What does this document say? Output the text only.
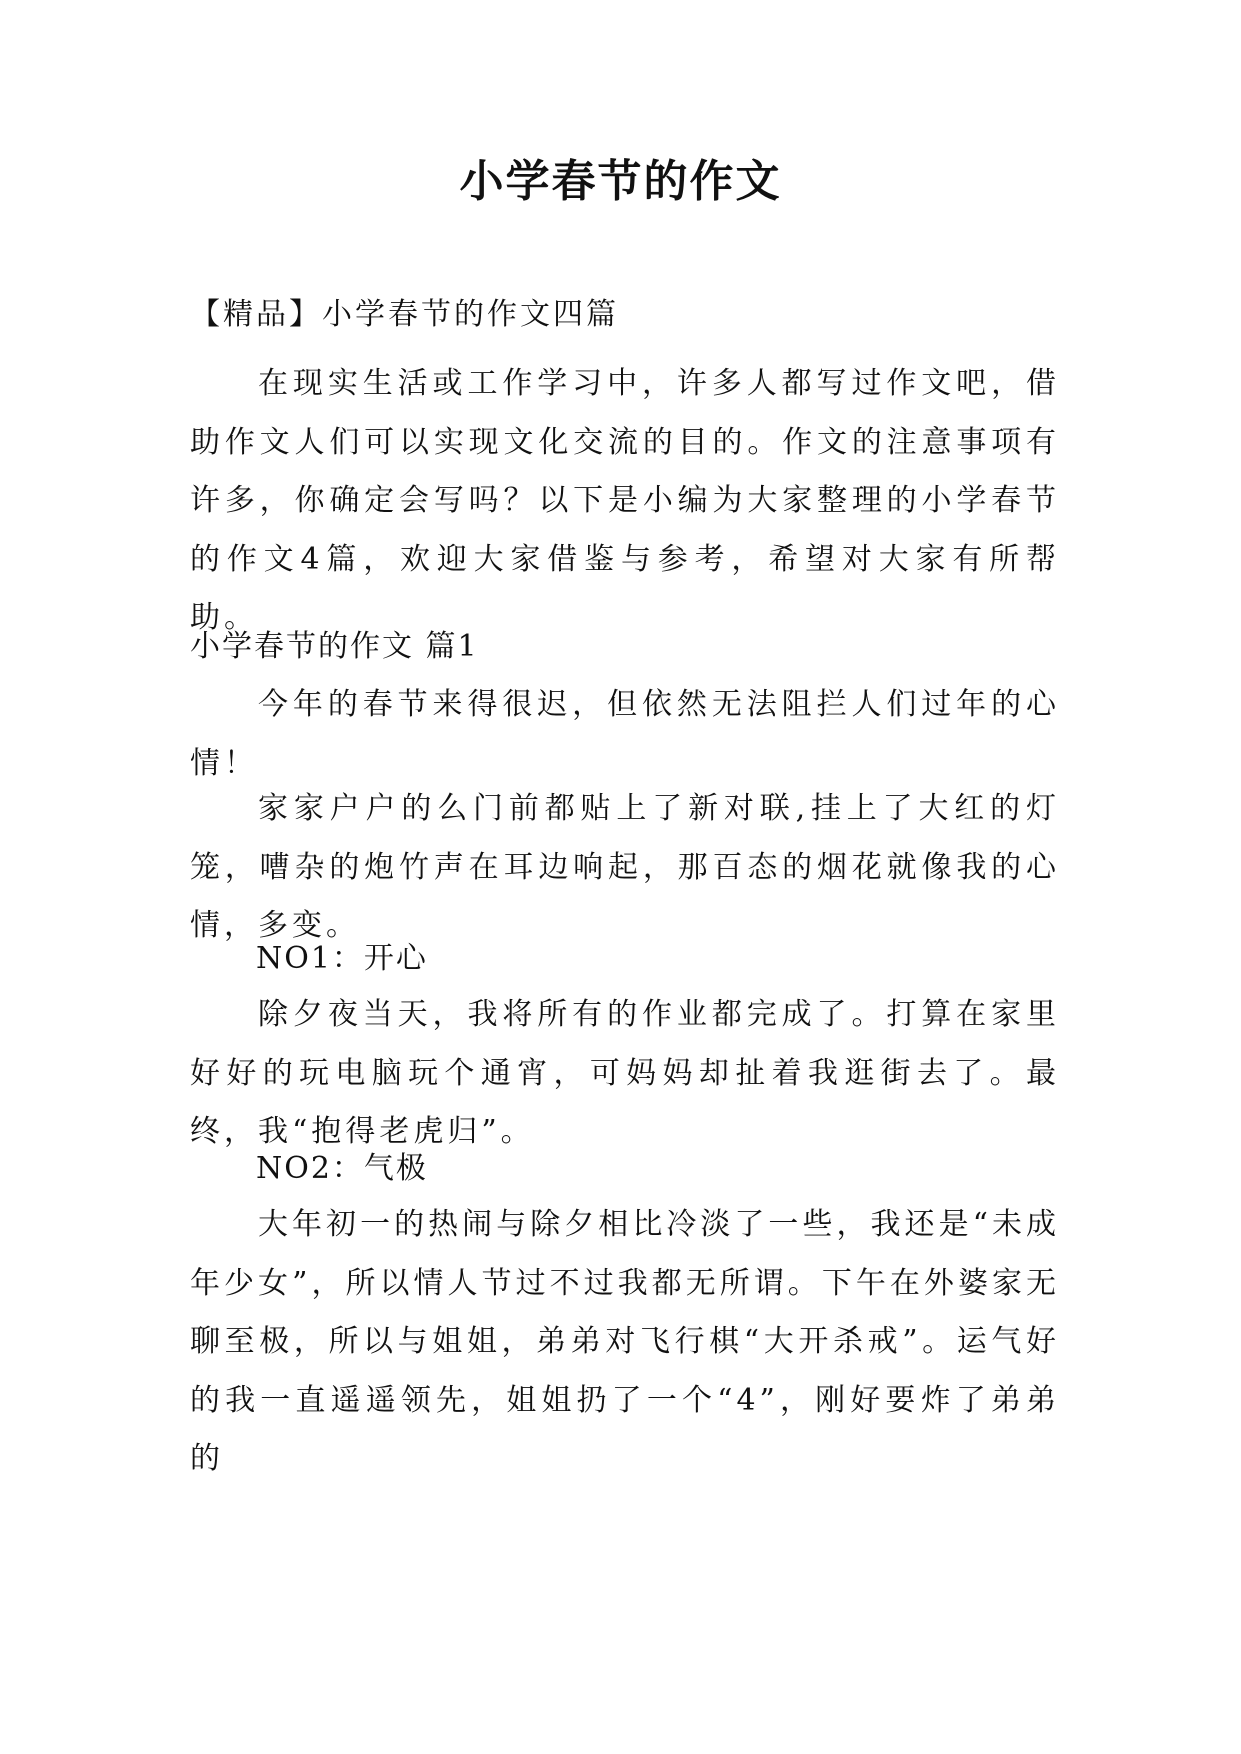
小学春节的作文
【精品】小学春节的作文四篇
在现实生活或工作学习中，许多人都写过作文吧，借助作文人们可以实现文化交流的目的。作文的注意事项有许多，你确定会写吗？以下是小编为大家整理的小学春节的作文4篇，欢迎大家借鉴与参考，希望对大家有所帮助。
小学春节的作文 篇1
今年的春节来得很迟，但依然无法阻拦人们过年的心情！
家家户户的么门前都贴上了新对联,挂上了大红的灯笼，嘈杂的炮竹声在耳边响起，那百态的烟花就像我的心情，多变。
NO1：开心
除夕夜当天，我将所有的作业都完成了。打算在家里好好的玩电脑玩个通宵，可妈妈却扯着我逛街去了。最终，我“抱得老虎归”。
NO2：气极
大年初一的热闹与除夕相比冷淡了一些，我还是“未成年少女”，所以情人节过不过我都无所谓。下午在外婆家无聊至极，所以与姐姐，弟弟对飞行棋“大开杀戒”。运气好的我一直遥遥领先，姐姐扔了一个“4”，刚好要炸了弟弟的
